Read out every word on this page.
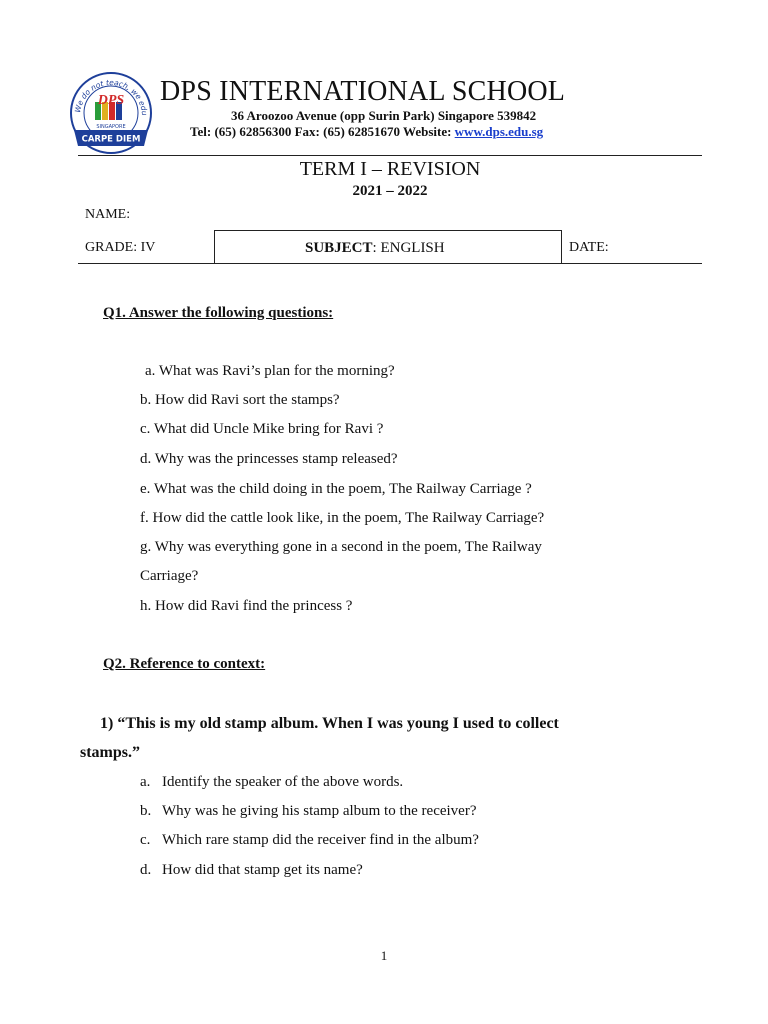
We do not teach, we edu
DPS
SINGAPORE
CARPE DIEM
DPS INTERNATIONAL SCHOOL
36 Aroozoo Avenue (opp Surin Park) Singapore 539842
Tel: (65) 62856300 Fax: (65) 62851670 Website: www.dps.edu.sg
TERM I – REVISION
2021 – 2022
NAME:
GRADE: IV	SUBJECT: ENGLISH	DATE:
Q1. Answer the following questions:
a. What was Ravi’s plan for the morning?
b. How did Ravi sort the stamps?
c. What did Uncle Mike bring for Ravi ?
d. Why was the princesses stamp released?
e. What was the child doing in the poem, The Railway Carriage ?
f. How did the cattle look like, in the poem, The Railway Carriage?
g. Why was everything gone in a second in the poem, The Railway
Carriage?
h. How did Ravi find the princess ?
Q2. Reference to context:
1) “This is my old stamp album. When I was young I used to collect
stamps.”
a. Identify the speaker of the above words.
b. Why was he giving his stamp album to the receiver?
c. Which rare stamp did the receiver find in the album?
d. How did that stamp get its name?
1
